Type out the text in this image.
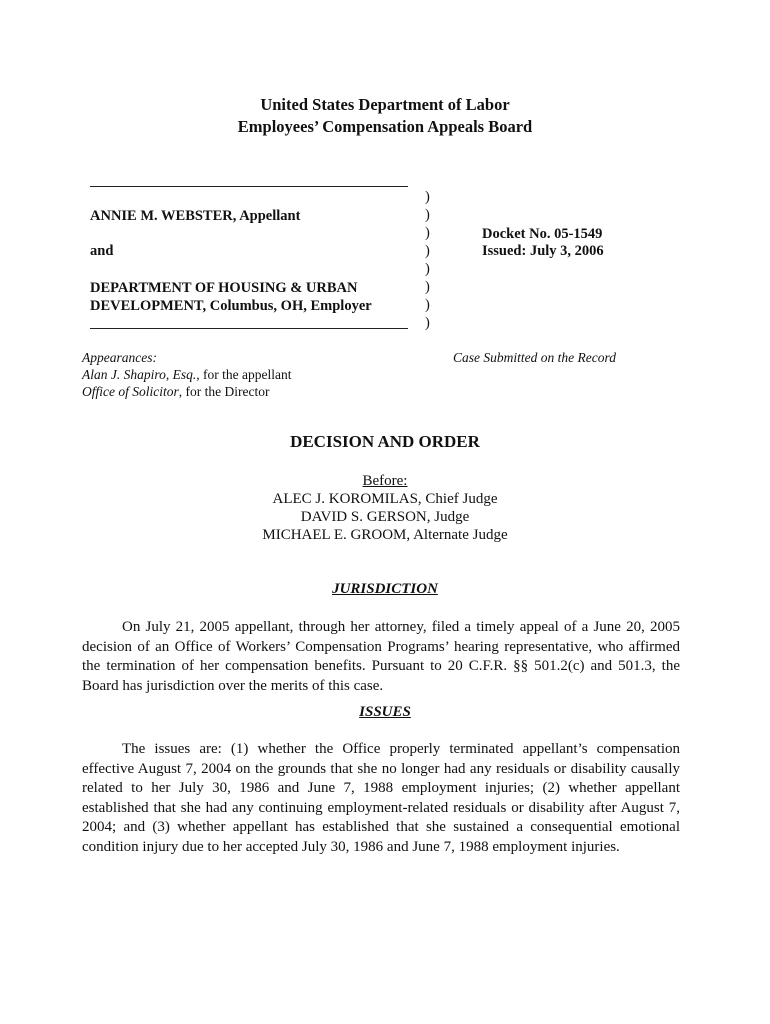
United States Department of Labor
Employees’ Compensation Appeals Board
ANNIE M. WEBSTER, Appellant
and
DEPARTMENT OF HOUSING & URBAN
DEVELOPMENT, Columbus, OH, Employer
)
)
)
)
)
)
)
)
Docket No. 05-1549
Issued: July 3, 2006
Appearances:
Alan J. Shapiro, Esq., for the appellant
Office of Solicitor, for the Director
Case Submitted on the Record
DECISION AND ORDER
Before:
ALEC J. KOROMILAS, Chief Judge
DAVID S. GERSON, Judge
MICHAEL E. GROOM, Alternate Judge
JURISDICTION

On July 21, 2005 appellant, through her attorney, filed a timely appeal of a June 20, 2005 decision of an Office of Workers’ Compensation Programs’ hearing representative, who affirmed the termination of her compensation benefits. Pursuant to 20 C.F.R. §§ 501.2(c) and 501.3, the Board has jurisdiction over the merits of this case.

ISSUES

The issues are: (1) whether the Office properly terminated appellant’s compensation effective August 7, 2004 on the grounds that she no longer had any residuals or disability causally related to her July 30, 1986 and June 7, 1988 employment injuries; (2) whether appellant established that she had any continuing employment-related residuals or disability after August 7, 2004; and (3) whether appellant has established that she sustained a consequential emotional condition injury due to her accepted July 30, 1986 and June 7, 1988 employment injuries.
